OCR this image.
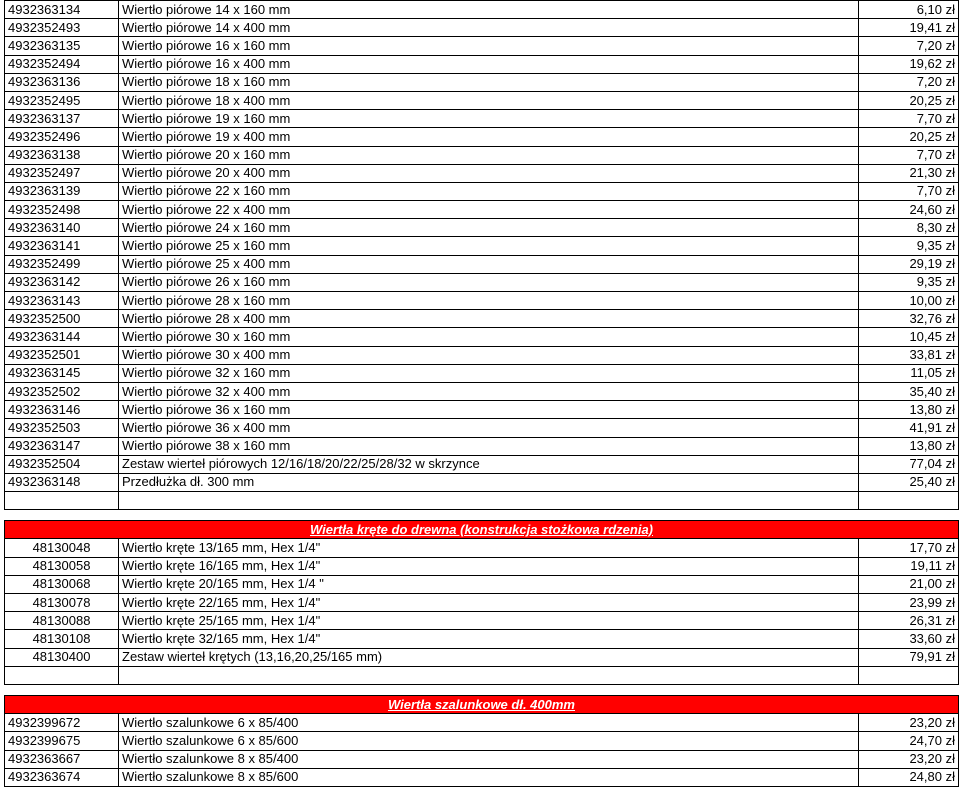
4932363134	Wiertło piórowe 14 x 160 mm	6,10 zł
4932352493	Wiertło piórowe 14 x 400 mm	19,41 zł
4932363135	Wiertło piórowe 16 x 160 mm	7,20 zł
4932352494	Wiertło piórowe 16 x 400 mm	19,62 zł
4932363136	Wiertło piórowe 18 x 160 mm	7,20 zł
4932352495	Wiertło piórowe 18 x 400 mm	20,25 zł
4932363137	Wiertło piórowe 19 x 160 mm	7,70 zł
4932352496	Wiertło piórowe 19 x 400 mm	20,25 zł
4932363138	Wiertło piórowe 20 x 160 mm	7,70 zł
4932352497	Wiertło piórowe 20 x 400 mm	21,30 zł
4932363139	Wiertło piórowe 22 x 160 mm	7,70 zł
4932352498	Wiertło piórowe 22 x 400 mm	24,60 zł
4932363140	Wiertło piórowe 24 x 160 mm	8,30 zł
4932363141	Wiertło piórowe 25 x 160 mm	9,35 zł
4932352499	Wiertło piórowe 25 x 400 mm	29,19 zł
4932363142	Wiertło piórowe 26 x 160 mm	9,35 zł
4932363143	Wiertło piórowe 28 x 160 mm	10,00 zł
4932352500	Wiertło piórowe 28 x 400 mm	32,76 zł
4932363144	Wiertło piórowe 30 x 160 mm	10,45 zł
4932352501	Wiertło piórowe 30 x 400 mm	33,81 zł
4932363145	Wiertło piórowe 32 x 160 mm	11,05 zł
4932352502	Wiertło piórowe 32 x 400 mm	35,40 zł
4932363146	Wiertło piórowe 36 x 160 mm	13,80 zł
4932352503	Wiertło piórowe 36 x 400 mm	41,91 zł
4932363147	Wiertło piórowe 38 x 160 mm	13,80 zł
4932352504	Zestaw wierteł piórowych 12/16/18/20/22/25/28/32 w skrzynce	77,04 zł
4932363148	Przedłużka dł. 300 mm	25,40 zł

Wiertła kręte do drewna (konstrukcja stożkowa rdzenia)		
48130048	Wiertło kręte 13/165 mm, Hex 1/4"	17,70 zł
48130058	Wiertło kręte 16/165 mm, Hex 1/4"	19,11 zł
48130068	Wiertło kręte 20/165 mm, Hex 1/4 "	21,00 zł
48130078	Wiertło kręte 22/165 mm, Hex 1/4"	23,99 zł
48130088	Wiertło kręte 25/165 mm, Hex 1/4"	26,31 zł
48130108	Wiertło kręte 32/165 mm, Hex 1/4"	33,60 zł
48130400	Zestaw wierteł krętych (13,16,20,25/165 mm)	79,91 zł

Wiertła szalunkowe dł. 400mm		
4932399672	Wiertło szalunkowe 6 x 85/400	23,20 zł
4932399675	Wiertło szalunkowe 6 x 85/600	24,70 zł
4932363667	Wiertło szalunkowe 8 x 85/400	23,20 zł
4932363674	Wiertło szalunkowe 8 x 85/600	24,80 zł
